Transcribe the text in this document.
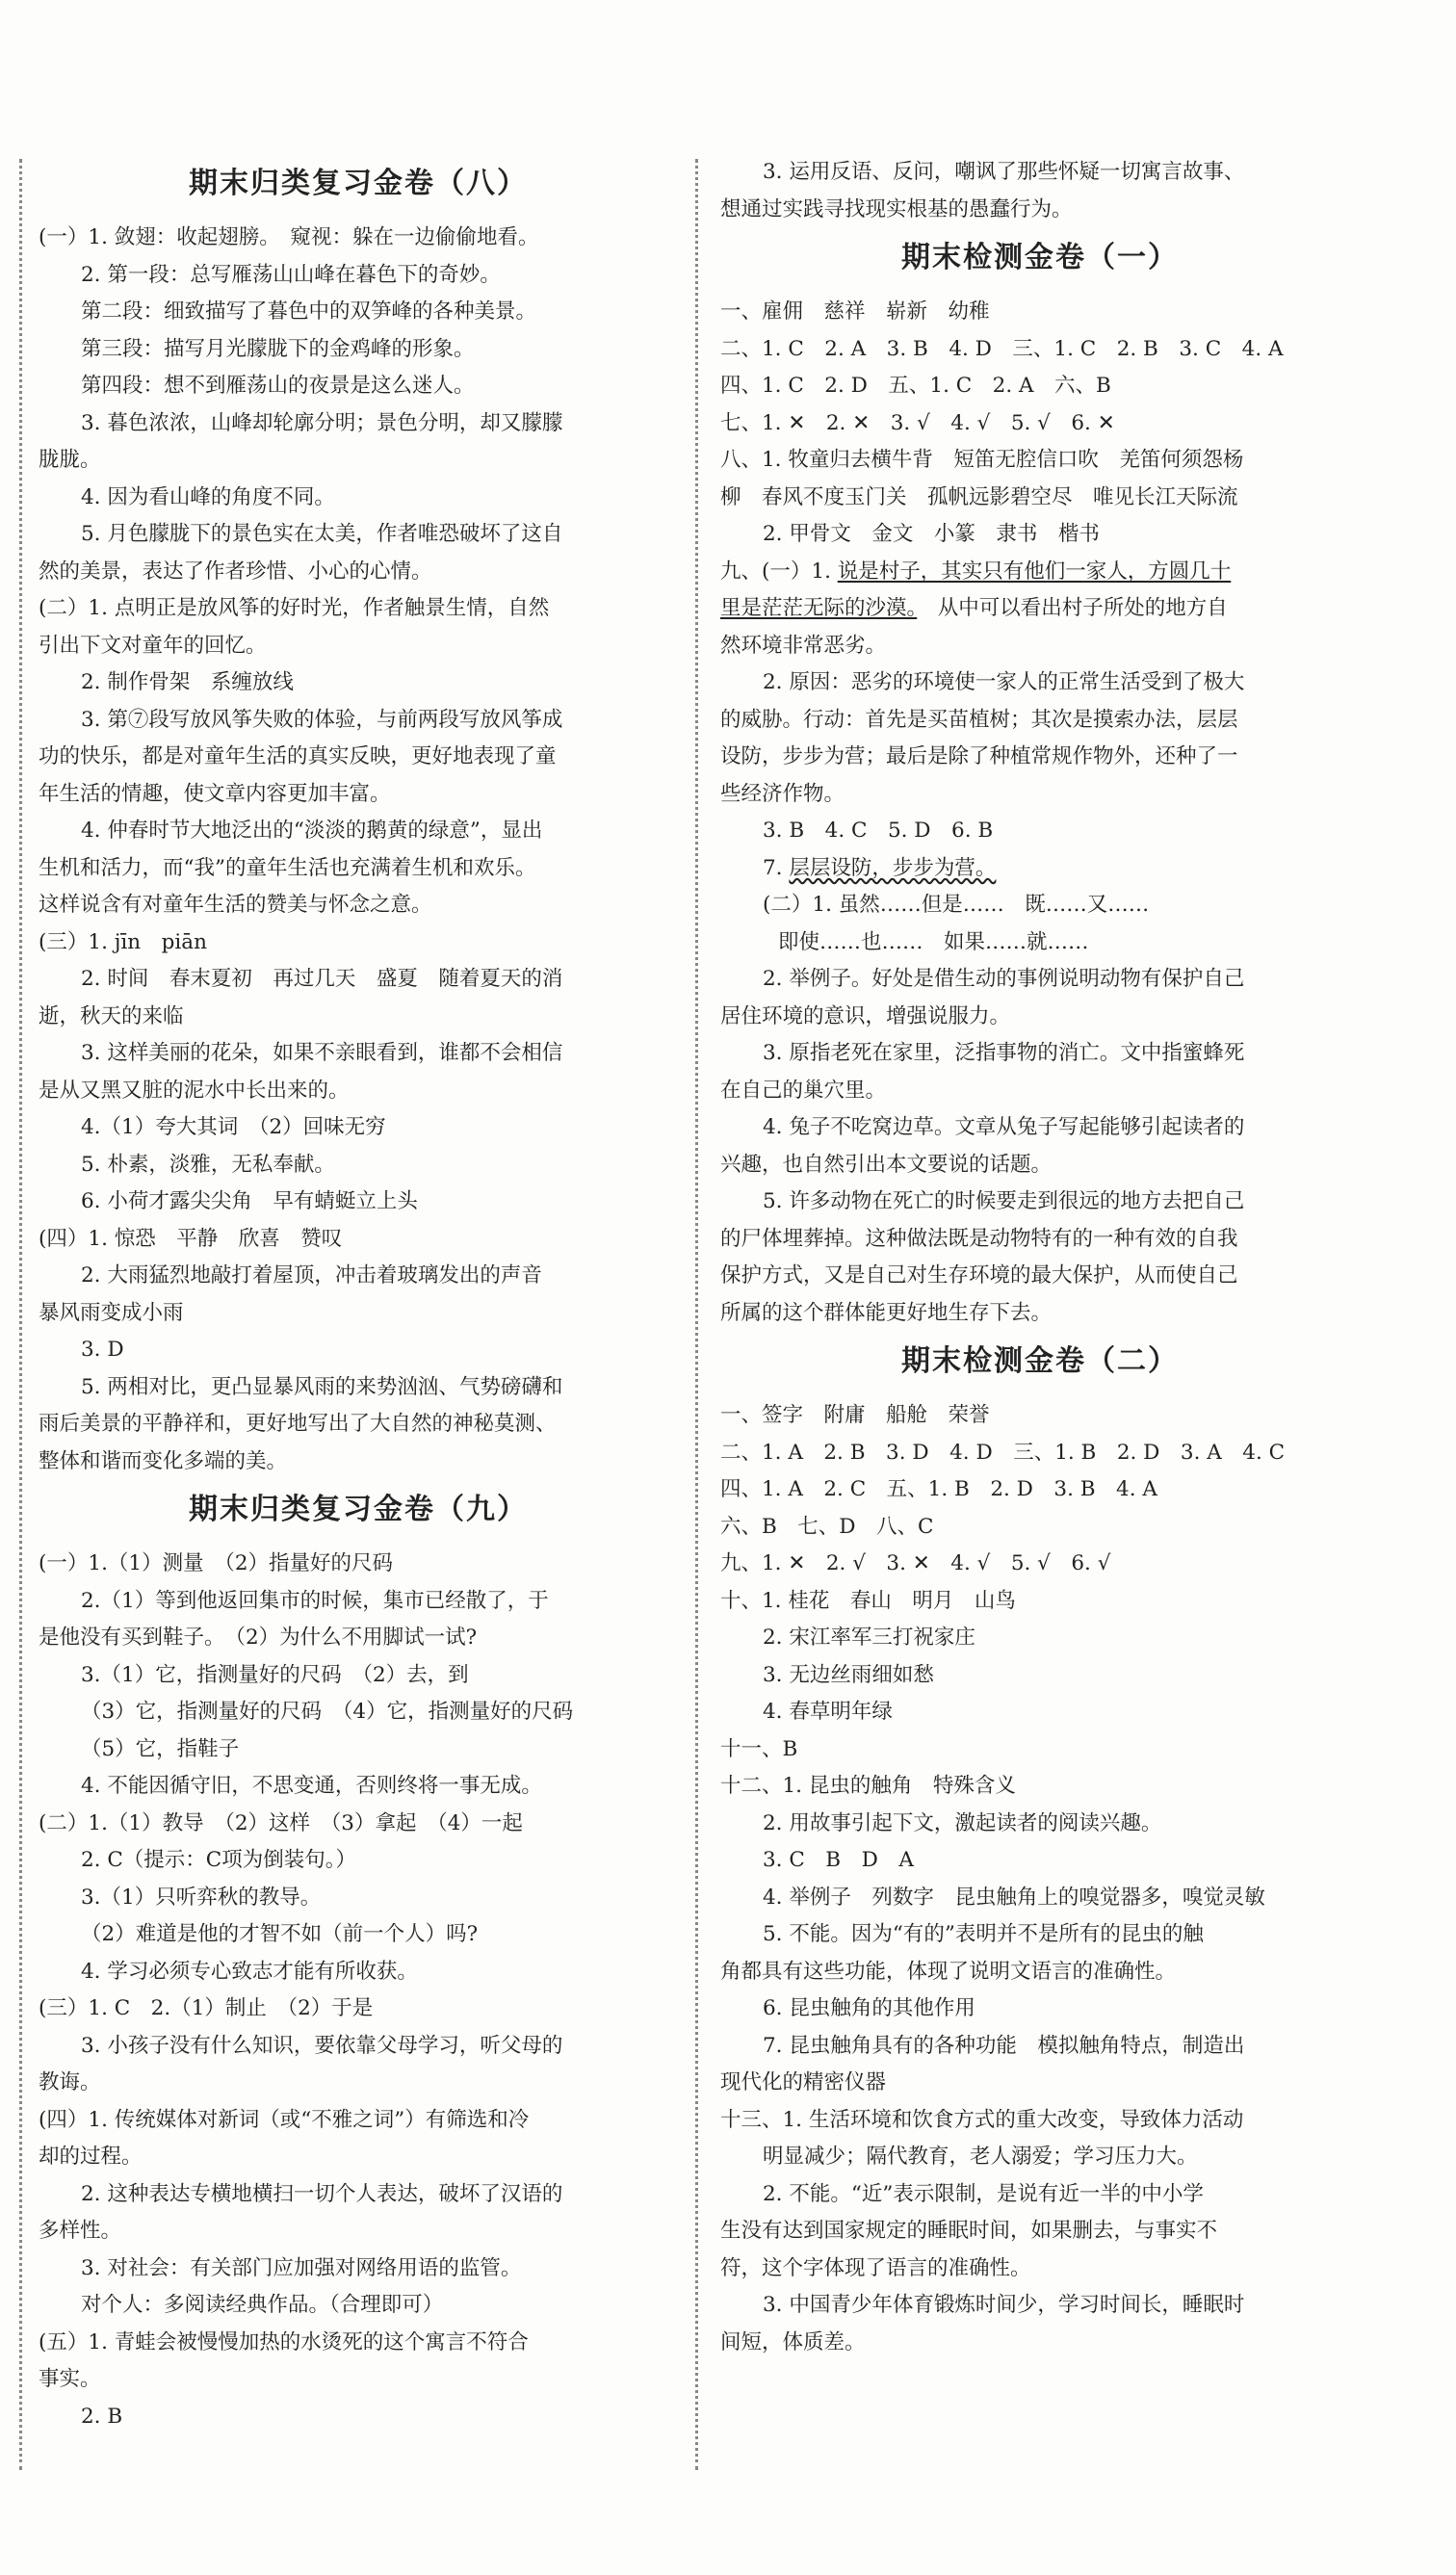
期末归类复习金卷（八）
(一）1. 敛翅：收起翅膀。　窥视：躲在一边偷偷地看。
2. 第一段：总写雁荡山山峰在暮色下的奇妙。
第二段：细致描写了暮色中的双笋峰的各种美景。
第三段：描写月光朦胧下的金鸡峰的形象。
第四段：想不到雁荡山的夜景是这么迷人。
3. 暮色浓浓，山峰却轮廓分明；景色分明，却又朦朦
胧胧。
4. 因为看山峰的角度不同。
5. 月色朦胧下的景色实在太美，作者唯恐破坏了这自
然的美景，表达了作者珍惜、小心的心情。
(二）1. 点明正是放风筝的好时光，作者触景生情，自然
引出下文对童年的回忆。
2. 制作骨架　系缠放线
3. 第⑦段写放风筝失败的体验，与前两段写放风筝成
功的快乐，都是对童年生活的真实反映，更好地表现了童
年生活的情趣，使文章内容更加丰富。
4. 仲春时节大地泛出的“淡淡的鹅黄的绿意”，显出
生机和活力，而“我”的童年生活也充满着生机和欢乐。
这样说含有对童年生活的赞美与怀念之意。
(三）1. jīn　piān
2. 时间　春末夏初　再过几天　盛夏　随着夏天的消
逝，秋天的来临
3. 这样美丽的花朵，如果不亲眼看到，谁都不会相信
是从又黑又脏的泥水中长出来的。
4.（1）夸大其词　（2）回味无穷
5. 朴素，淡雅，无私奉献。
6. 小荷才露尖尖角　早有蜻蜓立上头
(四）1. 惊恐　平静　欣喜　赞叹
2. 大雨猛烈地敲打着屋顶，冲击着玻璃发出的声音
暴风雨变成小雨
3. D
5. 两相对比，更凸显暴风雨的来势汹汹、气势磅礴和
雨后美景的平静祥和，更好地写出了大自然的神秘莫测、
整体和谐而变化多端的美。
期末归类复习金卷（九）
(一）1.（1）测量　（2）指量好的尺码
2.（1）等到他返回集市的时候，集市已经散了，于
是他没有买到鞋子。　（2）为什么不用脚试一试?
3.（1）它，指测量好的尺码　（2）去，到
（3）它，指测量好的尺码　（4）它，指测量好的尺码
（5）它，指鞋子
4. 不能因循守旧，不思变通，否则终将一事无成。
(二）1.（1）教导　（2）这样　（3）拿起　（4）一起
2. C（提示：C项为倒装句。）
3.（1）只听弈秋的教导。
（2）难道是他的才智不如（前一个人）吗?
4. 学习必须专心致志才能有所收获。
(三）1. C　2.（1）制止　（2）于是
3. 小孩子没有什么知识，要依靠父母学习，听父母的
教诲。
(四）1. 传统媒体对新词（或“不雅之词”）有筛选和冷
却的过程。
2. 这种表达专横地横扫一切个人表达，破坏了汉语的
多样性。
3. 对社会：有关部门应加强对网络用语的监管。
对个人：多阅读经典作品。（合理即可）
(五）1. 青蛙会被慢慢加热的水烫死的这个寓言不符合
事实。
2. B
3. 运用反语、反问，嘲讽了那些怀疑一切寓言故事、
想通过实践寻找现实根基的愚蠢行为。
期末检测金卷（一）
一、雇佣　慈祥　崭新　幼稚
二、1. C　2. A　3. B　4. D　三、1. C　2. B　3. C　4. A
四、1. C　2. D　五、1. C　2. A　六、B
七、1. ✕　2. ✕　3. √　4. √　5. √　6. ✕
八、1. 牧童归去横牛背　短笛无腔信口吹　羌笛何须怨杨
柳　春风不度玉门关　孤帆远影碧空尽　唯见长江天际流
2. 甲骨文　金文　小篆　隶书　楷书
九、(一）1. 说是村子，其实只有他们一家人，方圆几十
里是茫茫无际的沙漠。　从中可以看出村子所处的地方自
然环境非常恶劣。
2. 原因：恶劣的环境使一家人的正常生活受到了极大
的威胁。行动：首先是买苗植树；其次是摸索办法，层层
设防，步步为营；最后是除了种植常规作物外，还种了一
些经济作物。
3. B　4. C　5. D　6. B
7. 层层设防，步步为营。
(二）1. 虽然……但是……　既……又……
即使……也……　如果……就……
2. 举例子。好处是借生动的事例说明动物有保护自己
居住环境的意识，增强说服力。
3. 原指老死在家里，泛指事物的消亡。文中指蜜蜂死
在自己的巢穴里。
4. 兔子不吃窝边草。文章从兔子写起能够引起读者的
兴趣，也自然引出本文要说的话题。
5. 许多动物在死亡的时候要走到很远的地方去把自己
的尸体埋葬掉。这种做法既是动物特有的一种有效的自我
保护方式，又是自己对生存环境的最大保护，从而使自己
所属的这个群体能更好地生存下去。
期末检测金卷（二）
一、签字　附庸　船舱　荣誉
二、1. A　2. B　3. D　4. D　三、1. B　2. D　3. A　4. C
四、1. A　2. C　五、1. B　2. D　3. B　4. A
六、B　七、D　八、C
九、1. ✕　2. √　3. ✕　4. √　5. √　6. √
十、1. 桂花　春山　明月　山鸟
2. 宋江率军三打祝家庄
3. 无边丝雨细如愁
4. 春草明年绿
十一、B
十二、1. 昆虫的触角　特殊含义
2. 用故事引起下文，激起读者的阅读兴趣。
3. C　B　D　A
4. 举例子　列数字　昆虫触角上的嗅觉器多，嗅觉灵敏
5. 不能。因为“有的”表明并不是所有的昆虫的触
角都具有这些功能，体现了说明文语言的准确性。
6. 昆虫触角的其他作用
7. 昆虫触角具有的各种功能　模拟触角特点，制造出
现代化的精密仪器
十三、1. 生活环境和饮食方式的重大改变，导致体力活动
明显减少；隔代教育，老人溺爱；学习压力大。
2. 不能。“近”表示限制，是说有近一半的中小学
生没有达到国家规定的睡眠时间，如果删去，与事实不
符，这个字体现了语言的准确性。
3. 中国青少年体育锻炼时间少，学习时间长，睡眠时
间短，体质差。
